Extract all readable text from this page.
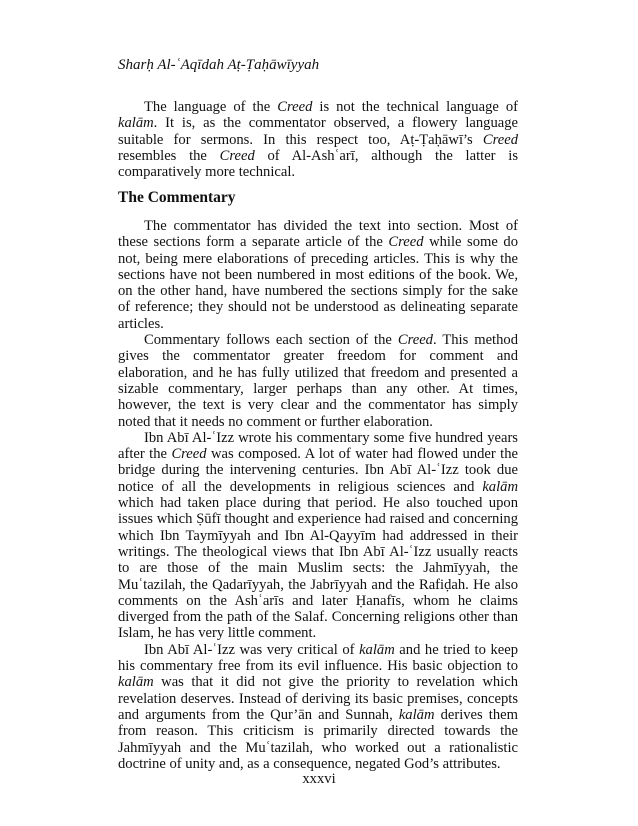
Sharḥ Al-ʿAqīdah Aṭ-Ṭaḥāwīyyah

The language of the Creed is not the technical language of kalām. It is, as the commentator observed, a flowery language suitable for sermons. In this respect too, Aṭ-Ṭaḥāwī’s Creed resembles the Creed of Al-Ashʿarī, although the latter is comparatively more technical.

The Commentary

The commentator has divided the text into section. Most of these sections form a separate article of the Creed while some do not, being mere elaborations of preceding articles. This is why the sections have not been numbered in most editions of the book. We, on the other hand, have numbered the sections simply for the sake of reference; they should not be understood as delineating separate articles.

Commentary follows each section of the Creed. This method gives the commentator greater freedom for comment and elaboration, and he has fully utilized that freedom and presented a sizable commentary, larger perhaps than any other. At times, however, the text is very clear and the commentator has simply noted that it needs no comment or further elaboration.

Ibn Abī Al-ʿIzz wrote his commentary some five hundred years after the Creed was composed. A lot of water had flowed under the bridge during the intervening centuries. Ibn Abī Al-ʿIzz took due notice of all the developments in religious sciences and kalām which had taken place during that period. He also touched upon issues which Ṣūfī thought and experience had raised and concerning which Ibn Taymīyyah and Ibn Al-Qayyīm had addressed in their writings. The theological views that Ibn Abī Al-ʿIzz usually reacts to are those of the main Muslim sects: the Jahmīyyah, the Muʿtazilah, the Qadarīyyah, the Jabrīyyah and the Rafiḍah. He also comments on the Ashʿarīs and later Ḥanafīs, whom he claims diverged from the path of the Salaf. Concerning religions other than Islam, he has very little comment.

Ibn Abī Al-ʿIzz was very critical of kalām and he tried to keep his commentary free from its evil influence. His basic objection to kalām was that it did not give the priority to revelation which revelation deserves. Instead of deriving its basic premises, concepts and arguments from the Qur’ān and Sunnah, kalām derives them from reason. This criticism is primarily directed towards the Jahmīyyah and the Muʿtazilah, who worked out a rationalistic doctrine of unity and, as a consequence, negated God’s attributes.

xxxvi
